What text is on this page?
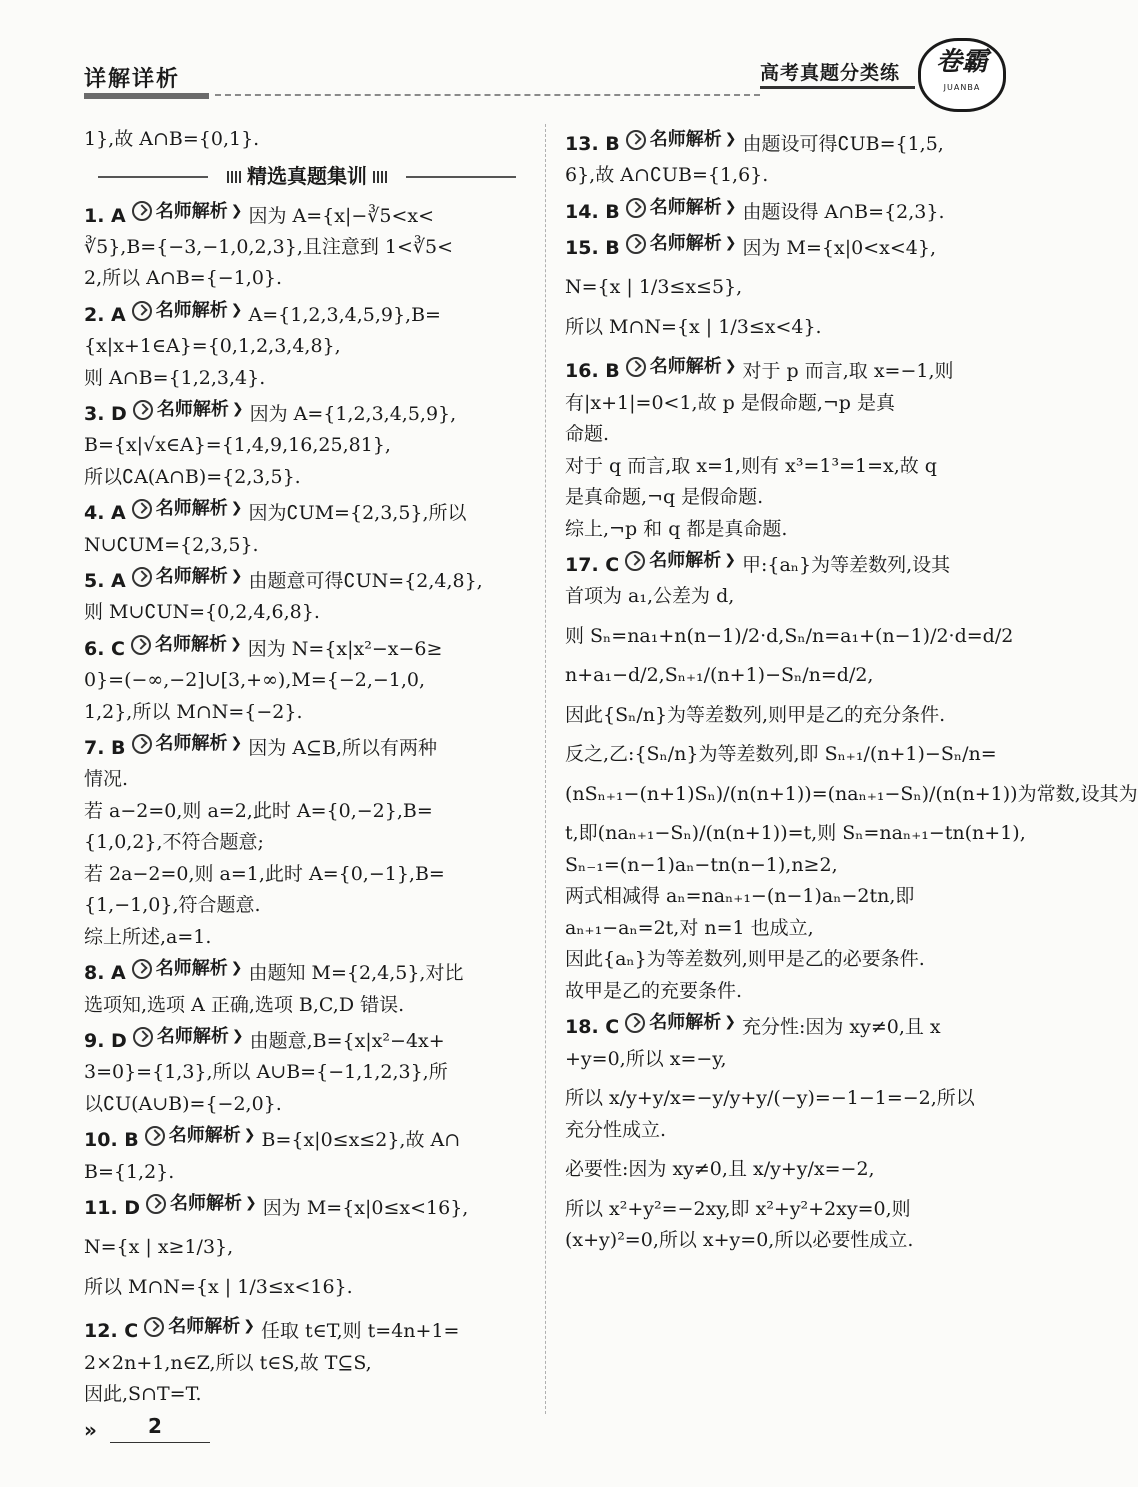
详解详析	高考真题分类练	卷霸
JUANBA
1},故 A∩B={0,1}.
精选真题集训
1. A 名师解析 ❯ 因为 A={x|−∛5<x<
∛5},B={−3,−1,0,2,3},且注意到 1<∛5<
2,所以 A∩B={−1,0}.
2. A 名师解析 ❯ A={1,2,3,4,5,9},B=
{x|x+1∈A}={0,1,2,3,4,8},
则 A∩B={1,2,3,4}.
3. D 名师解析 ❯ 因为 A={1,2,3,4,5,9},
B={x|√x∈A}={1,4,9,16,25,81},
所以∁A(A∩B)={2,3,5}.
4. A 名师解析 ❯ 因为∁UM={2,3,5},所以
N∪∁UM={2,3,5}.
5. A 名师解析 ❯ 由题意可得∁UN={2,4,8},
则 M∪∁UN={0,2,4,6,8}.
6. C 名师解析 ❯ 因为 N={x|x²−x−6≥
0}=(−∞,−2]∪[3,+∞),M={−2,−1,0,
1,2},所以 M∩N={−2}.
7. B 名师解析 ❯ 因为 A⊆B,所以有两种
情况.
若 a−2=0,则 a=2,此时 A={0,−2},B=
{1,0,2},不符合题意;
若 2a−2=0,则 a=1,此时 A={0,−1},B=
{1,−1,0},符合题意.
综上所述,a=1.
8. A 名师解析 ❯ 由题知 M={2,4,5},对比
选项知,选项 A 正确,选项 B,C,D 错误.
9. D 名师解析 ❯ 由题意,B={x|x²−4x+
3=0}={1,3},所以 A∪B={−1,1,2,3},所
以∁U(A∪B)={−2,0}.
10. B 名师解析 ❯ B={x|0≤x≤2},故 A∩
B={1,2}.
11. D 名师解析 ❯ 因为 M={x|0≤x<16},
N={x | x≥1/3},
所以 M∩N={x | 1/3≤x<16}.
12. C 名师解析 ❯ 任取 t∈T,则 t=4n+1=
2×2n+1,n∈Z,所以 t∈S,故 T⊆S,
因此,S∩T=T.
13. B 名师解析 ❯ 由题设可得∁UB={1,5,
6},故 A∩∁UB={1,6}.
14. B 名师解析 ❯ 由题设得 A∩B={2,3}.
15. B 名师解析 ❯ 因为 M={x|0<x<4},
N={x | 1/3≤x≤5},
所以 M∩N={x | 1/3≤x<4}.
16. B 名师解析 ❯ 对于 p 而言,取 x=−1,则
有|x+1|=0<1,故 p 是假命题,¬p 是真
命题.
对于 q 而言,取 x=1,则有 x³=1³=1=x,故 q
是真命题,¬q 是假命题.
综上,¬p 和 q 都是真命题.
17. C 名师解析 ❯ 甲:{aₙ}为等差数列,设其
首项为 a₁,公差为 d,
则 Sₙ=na₁+n(n−1)/2·d,Sₙ/n=a₁+(n−1)/2·d=d/2
n+a₁−d/2,Sₙ₊₁/(n+1)−Sₙ/n=d/2,
因此{Sₙ/n}为等差数列,则甲是乙的充分条件.
反之,乙:{Sₙ/n}为等差数列,即 Sₙ₊₁/(n+1)−Sₙ/n=
(nSₙ₊₁−(n+1)Sₙ)/(n(n+1))=(naₙ₊₁−Sₙ)/(n(n+1))为常数,设其为
t,即(naₙ₊₁−Sₙ)/(n(n+1))=t,则 Sₙ=naₙ₊₁−tn(n+1),
Sₙ₋₁=(n−1)aₙ−tn(n−1),n≥2,
两式相减得 aₙ=naₙ₊₁−(n−1)aₙ−2tn,即
aₙ₊₁−aₙ=2t,对 n=1 也成立,
因此{aₙ}为等差数列,则甲是乙的必要条件.
故甲是乙的充要条件.
18. C 名师解析 ❯ 充分性:因为 xy≠0,且 x
+y=0,所以 x=−y,
所以 x/y+y/x=−y/y+y/(−y)=−1−1=−2,所以
充分性成立.
必要性:因为 xy≠0,且 x/y+y/x=−2,
所以 x²+y²=−2xy,即 x²+y²+2xy=0,则
(x+y)²=0,所以 x+y=0,所以必要性成立.
»	2
